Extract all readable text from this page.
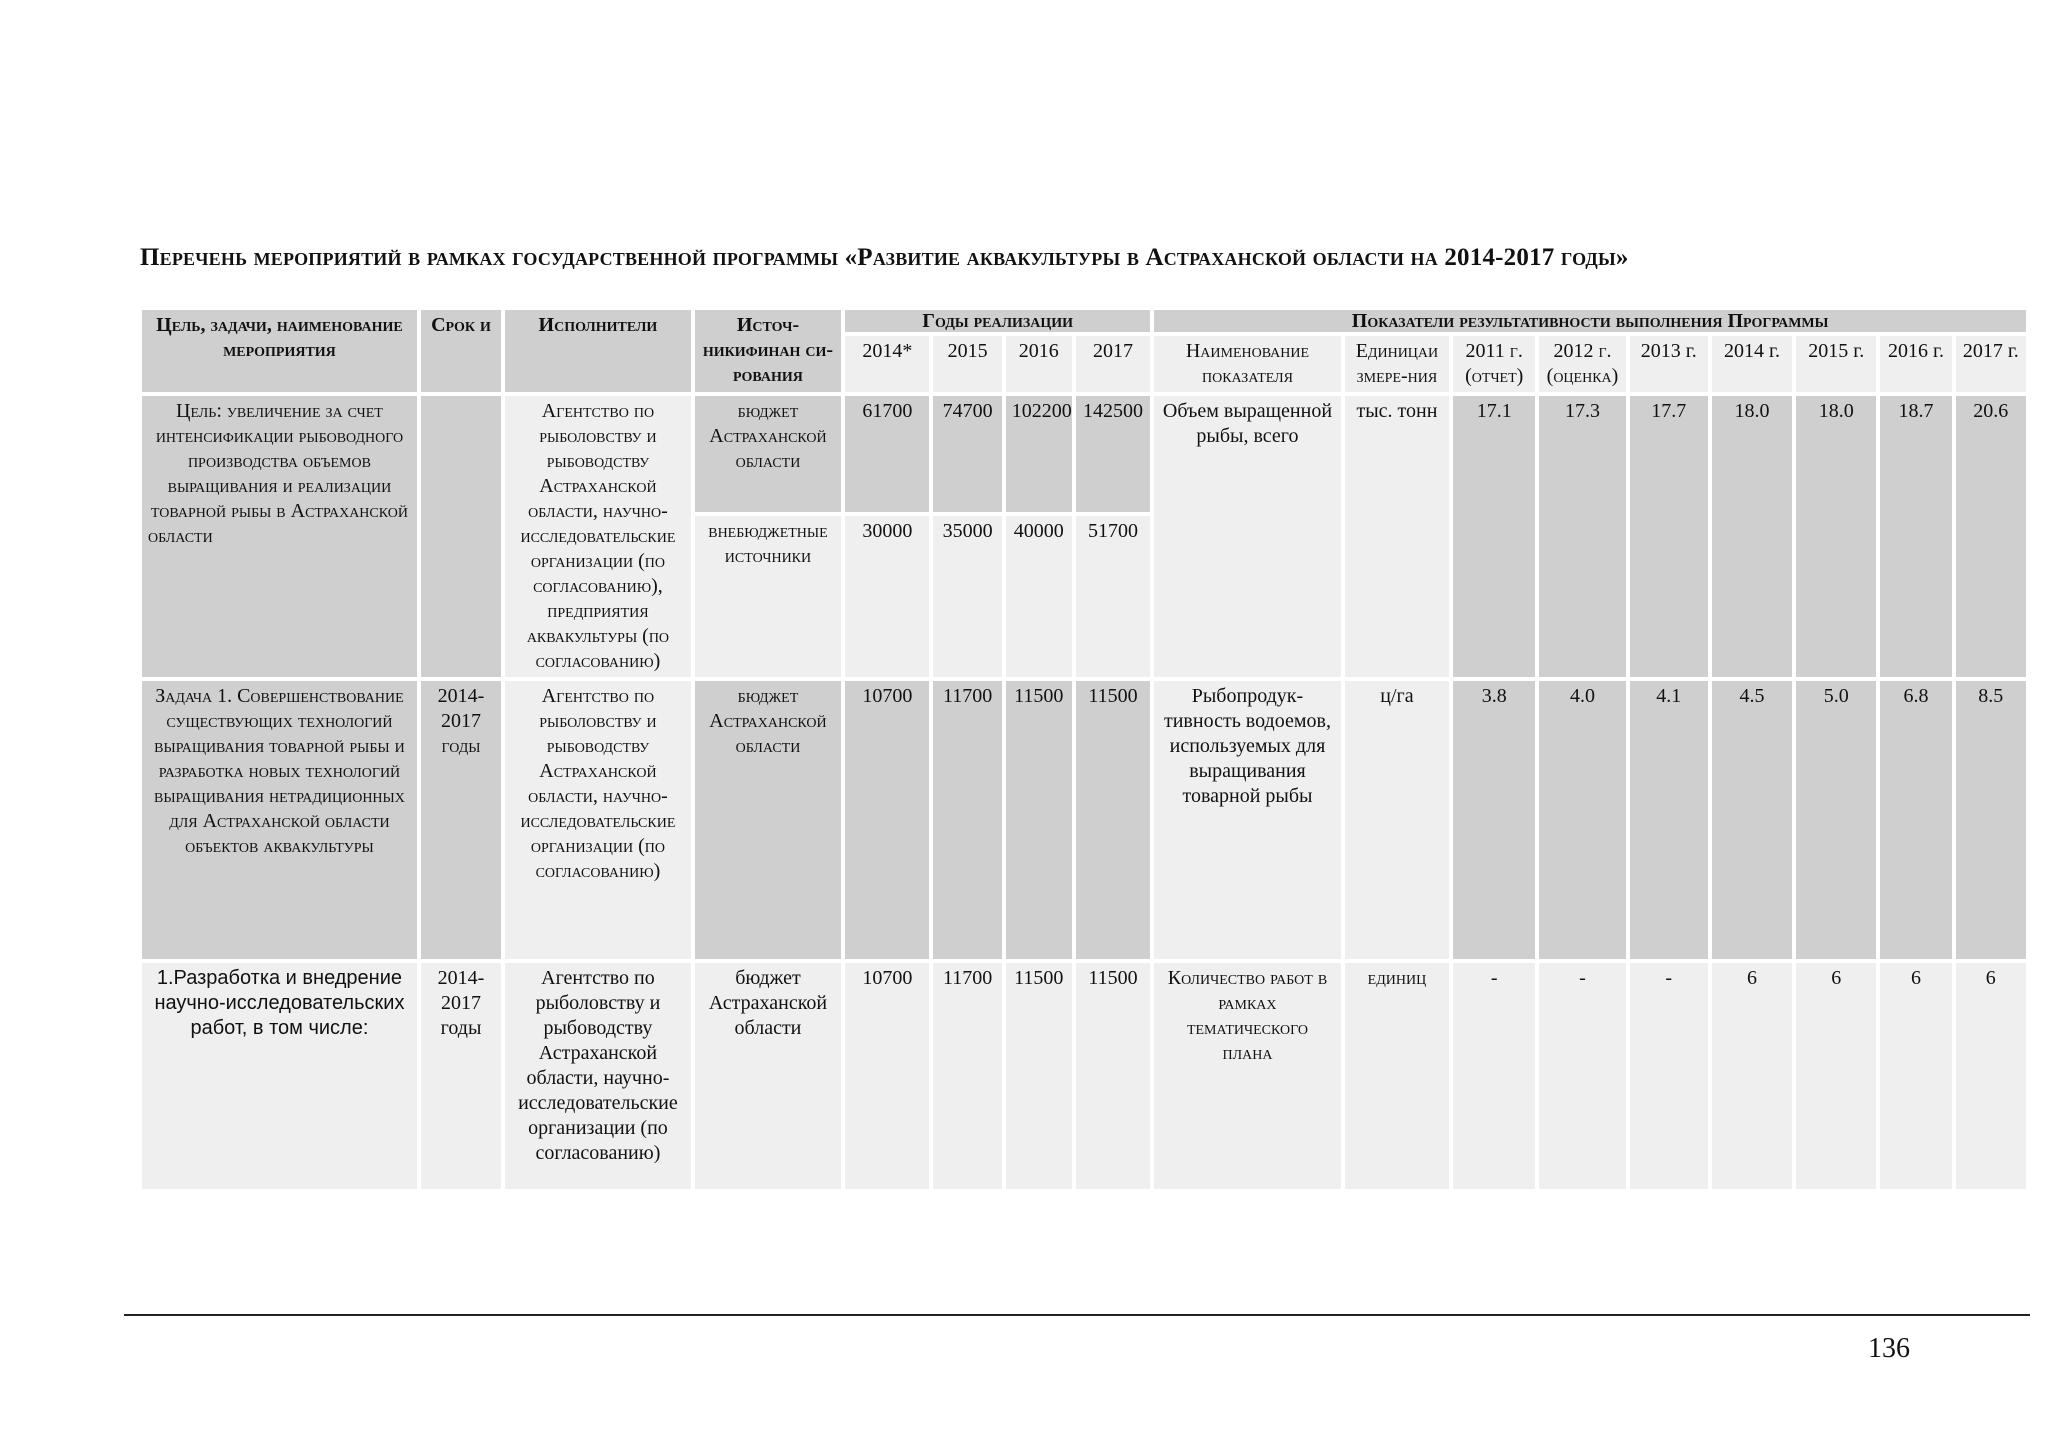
Перечень мероприятий в рамках государственной программы «Развитие аквакультуры в Астраханской области на 2014-2017 годы»
Цель, задачи, наименование мероприятия	Срок и	Исполнители	Источ-никифинан си-рования	Годы реализации				Показатели результативности выполнения Программы								
				2014*	2015	2016	2017	Наименование показателя	Единицаи змере-ния	2011 г. (отчет)	2012 г. (оценка)	2013 г.	2014 г.	2015 г.	2016 г.	2017 г.
Цель: увеличение за счет интенсификации рыбоводного производства объемов выращивания и реализации товарной рыбы в Астраханской области		Агентство по рыболовству и рыбоводству Астраханской области, научно-исследовательские организации (по согласованию), предприятия аквакультуры (по согласованию)	бюджет Астраханской области	61700	74700	102200	142500	Объем выращенной рыбы, всего	тыс. тонн	17.1	17.3	17.7	18.0	18.0	18.7	20.6
			внебюджетные источники	30000	35000	40000	51700									
Задача 1. Совершенствование существующих технологий выращивания товарной рыбы и разработка новых технологий выращивания нетрадиционных для Астраханской области объектов аквакультуры	2014-2017 годы	Агентство по рыболовству и рыбоводству Астраханской области, научно-исследовательские организации (по согласованию)	бюджет Астраханской области	10700	11700	11500	11500	Рыбопродук-тивность водоемов, используемых для выращивания товарной рыбы	ц/га	3.8	4.0	4.1	4.5	5.0	6.8	8.5
1.Разработка и внедрение научно-исследовательских работ, в том числе:	2014-2017 годы	Агентство по рыболовству и рыбоводству Астраханской области, научно-исследовательские организации (по согласованию)	бюджет Астраханской области	10700	11700	11500	11500	Количество работ в рамках тематического плана	единиц	-	-	-	6	6	6	6
136
